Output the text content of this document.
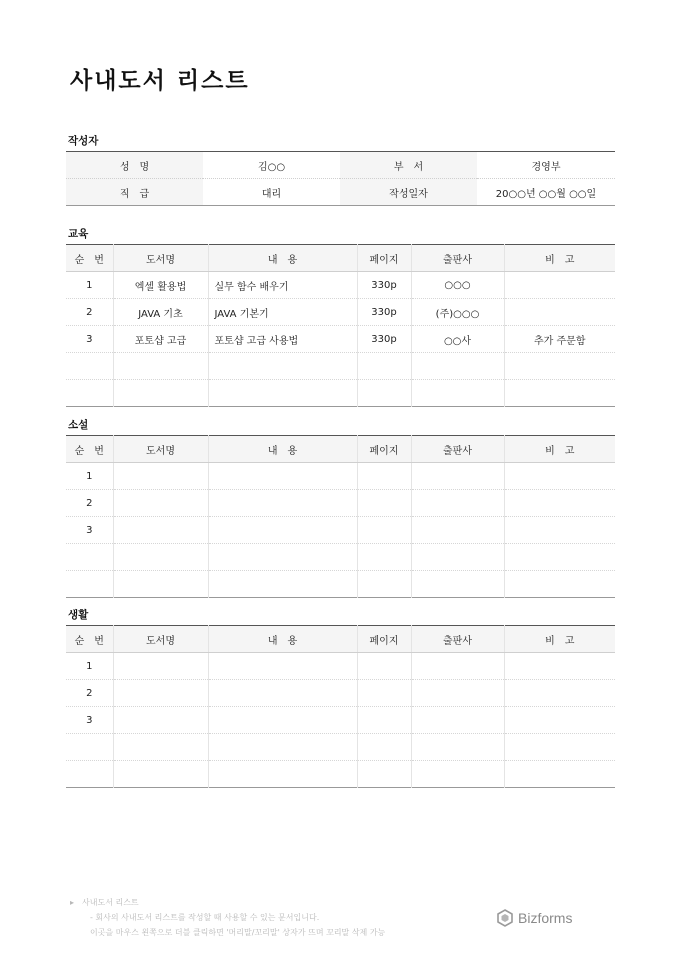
사내도서 리스트
작성자
성　명	김○○	부　서	경영부
직　급	대리	작성일자	20○○년 ○○월 ○○일
교육
순　번	도서명	내　용	페이지	출판사	비　고
1	엑셀 활용법	실무 함수 배우기	330p	○○○	
2	JAVA 기초	JAVA 기본기	330p	(주)○○○	
3	포토샵 고급	포토샵 고급 사용법	330p	○○사	추가 주문함

소설
순　번	도서명	내　용	페이지	출판사	비　고
1					
2					
3					

생활
순　번	도서명	내　용	페이지	출판사	비　고
1					
2					
3					

▸　사내도서 리스트
- 회사의 사내도서 리스트를 작성할 때 사용할 수 있는 문서입니다.
이곳을 마우스 왼쪽으로 더블 클릭하면 '머리말/꼬리말' 상자가 뜨며 꼬리말 삭제 가능
Bizforms
